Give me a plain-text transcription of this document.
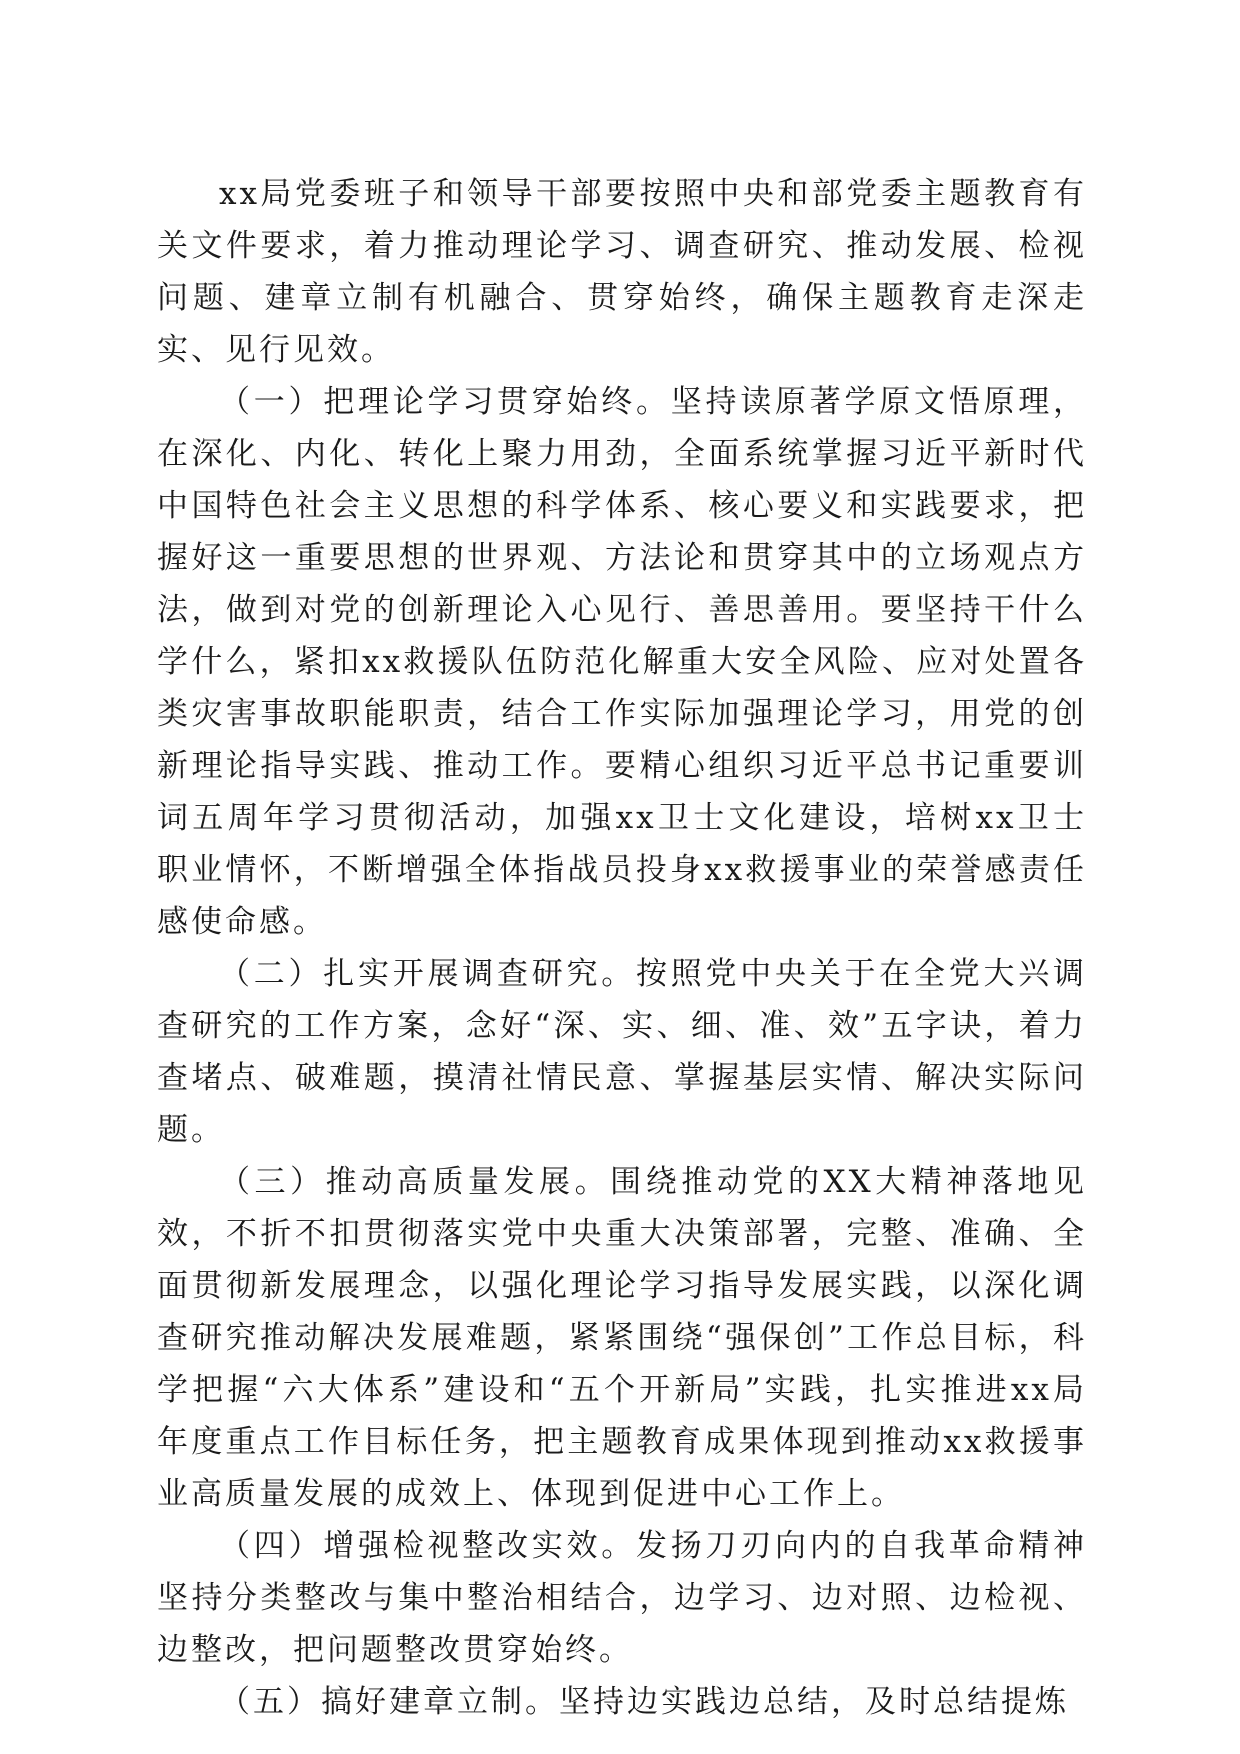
xx局党委班子和领导干部要按照中央和部党委主题教育有关文件要求，着力推动理论学习、调查研究、推动发展、检视问题、建章立制有机融合、贯穿始终，确保主题教育走深走实、见行见效。

（一）把理论学习贯穿始终。坚持读原著学原文悟原理，在深化、内化、转化上聚力用劲，全面系统掌握习近平新时代中国特色社会主义思想的科学体系、核心要义和实践要求，把握好这一重要思想的世界观、方法论和贯穿其中的立场观点方法，做到对党的创新理论入心见行、善思善用。要坚持干什么学什么，紧扣xx救援队伍防范化解重大安全风险、应对处置各类灾害事故职能职责，结合工作实际加强理论学习，用党的创新理论指导实践、推动工作。要精心组织习近平总书记重要训词五周年学习贯彻活动，加强xx卫士文化建设，培树xx卫士职业情怀，不断增强全体指战员投身xx救援事业的荣誉感责任感使命感。

（二）扎实开展调查研究。按照党中央关于在全党大兴调查研究的工作方案，念好“深、实、细、准、效”五字诀，着力查堵点、破难题，摸清社情民意、掌握基层实情、解决实际问题。

（三）推动高质量发展。围绕推动党的XX大精神落地见效，不折不扣贯彻落实党中央重大决策部署，完整、准确、全面贯彻新发展理念，以强化理论学习指导发展实践，以深化调查研究推动解决发展难题，紧紧围绕“强保创”工作总目标，科学把握“六大体系”建设和“五个开新局”实践，扎实推进xx局年度重点工作目标任务，把主题教育成果体现到推动xx救援事业高质量发展的成效上、体现到促进中心工作上。

（四）增强检视整改实效。发扬刀刃向内的自我革命精神坚持分类整改与集中整治相结合，边学习、边对照、边检视、边整改，把问题整改贯穿始终。

（五）搞好建章立制。坚持边实践边总结，及时总结提炼
